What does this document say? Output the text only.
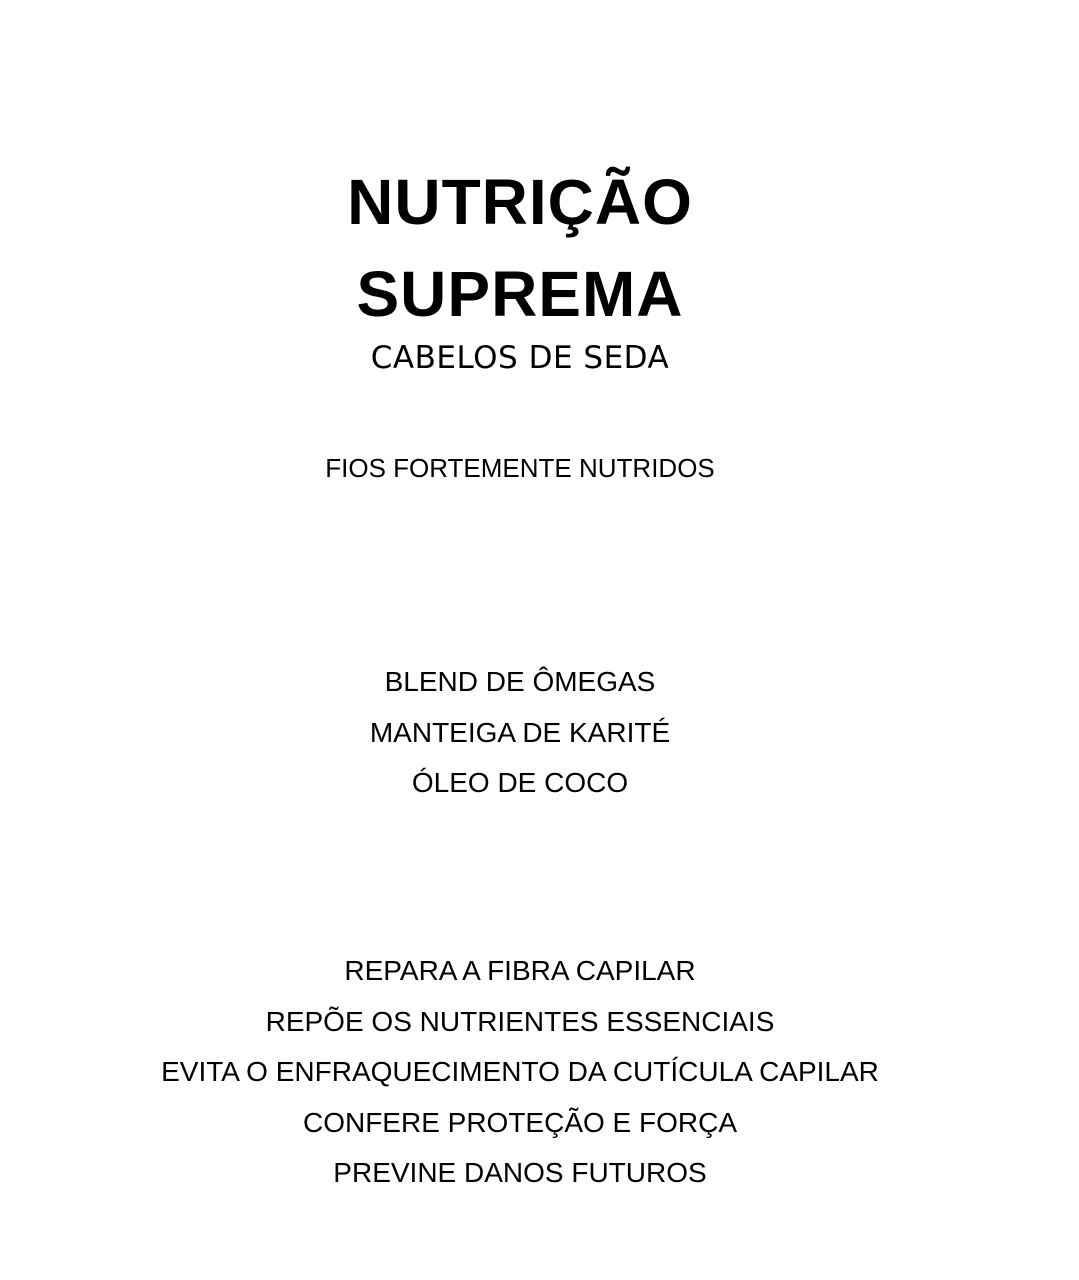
NUTRIÇÃO
SUPREMA

CABELOS DE SEDA

FIOS FORTEMENTE NUTRIDOS

BLEND DE ÔMEGAS
MANTEIGA DE KARITÉ
ÓLEO DE COCO
REPARA A FIBRA CAPILAR
REPÕE OS NUTRIENTES ESSENCIAIS
EVITA O ENFRAQUECIMENTO DA CUTÍCULA CAPILAR
CONFERE PROTEÇÃO E FORÇA
PREVINE DANOS FUTUROS
